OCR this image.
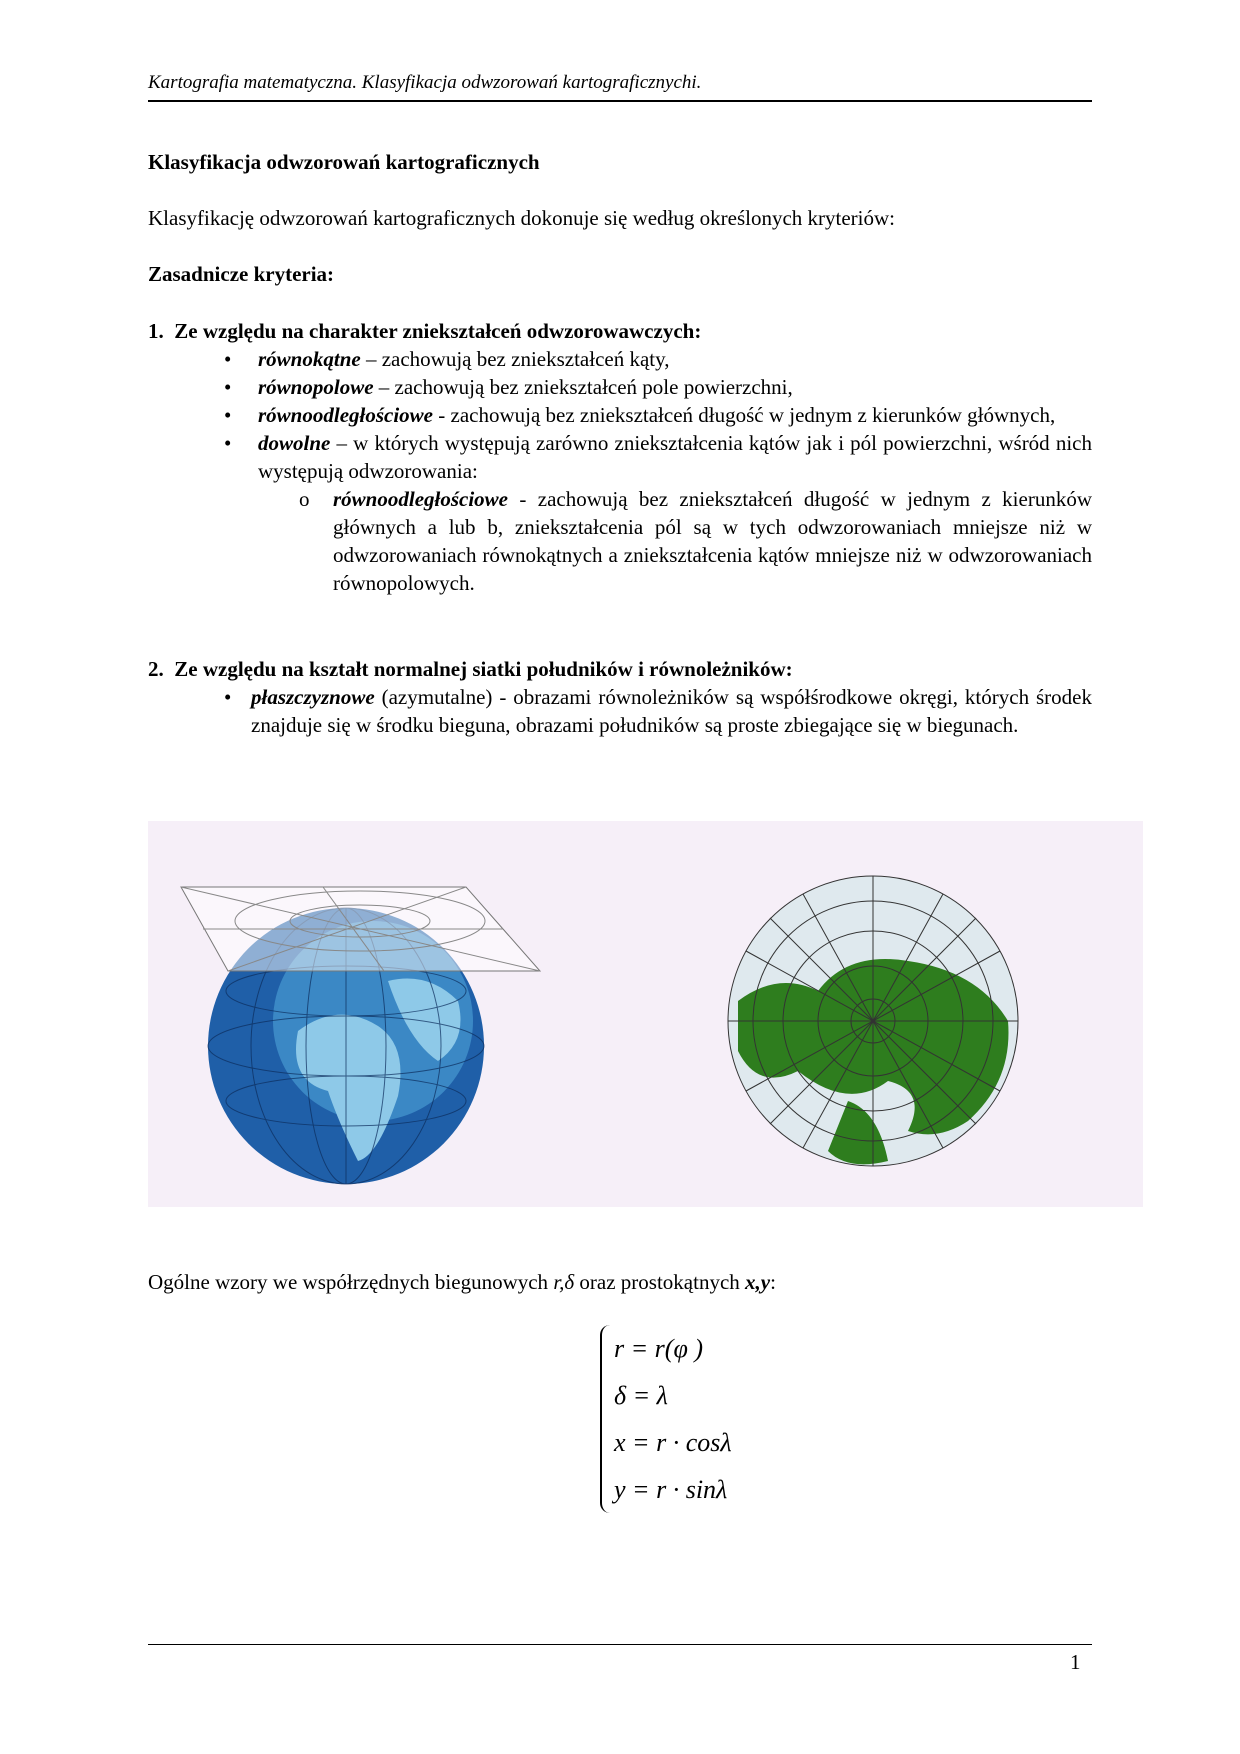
Kartografia matematyczna. Klasyfikacja odwzorowań kartograficznychi.
Klasyfikacja odwzorowań kartograficznych
Klasyfikację odwzorowań kartograficznych dokonuje się według określonych kryteriów:
Zasadnicze kryteria:
1.  Ze względu na charakter zniekształceń odwzorowawczych:
• równokątne – zachowują bez zniekształceń kąty,
• równopolowe – zachowują bez zniekształceń pole powierzchni,
• równoodległościowe - zachowują bez zniekształceń długość w jednym z kierunków głównych,
• dowolne – w których występują zarówno zniekształcenia kątów jak i pól powierzchni, wśród nich występują odwzorowania:
o równoodległościowe - zachowują bez zniekształceń długość w jednym z kierunków głównych a lub b, zniekształcenia pól są w tych odwzorowaniach mniejsze niż w odwzorowaniach równokątnych a zniekształcenia kątów mniejsze niż w odwzorowaniach równopolowych.
2.  Ze względu na kształt normalnej siatki południków i równoleżników:
• płaszczyznowe (azymutalne) - obrazami równoleżników są współśrodkowe okręgi, których środek znajduje się w środku bieguna, obrazami południków są proste zbiegające się w biegunach.
Ogólne wzory we współrzędnych biegunowych r,δ oraz prostokątnych x,y:
r = r(φ )
δ = λ
x = r · cosλ
y = r · sinλ
1
